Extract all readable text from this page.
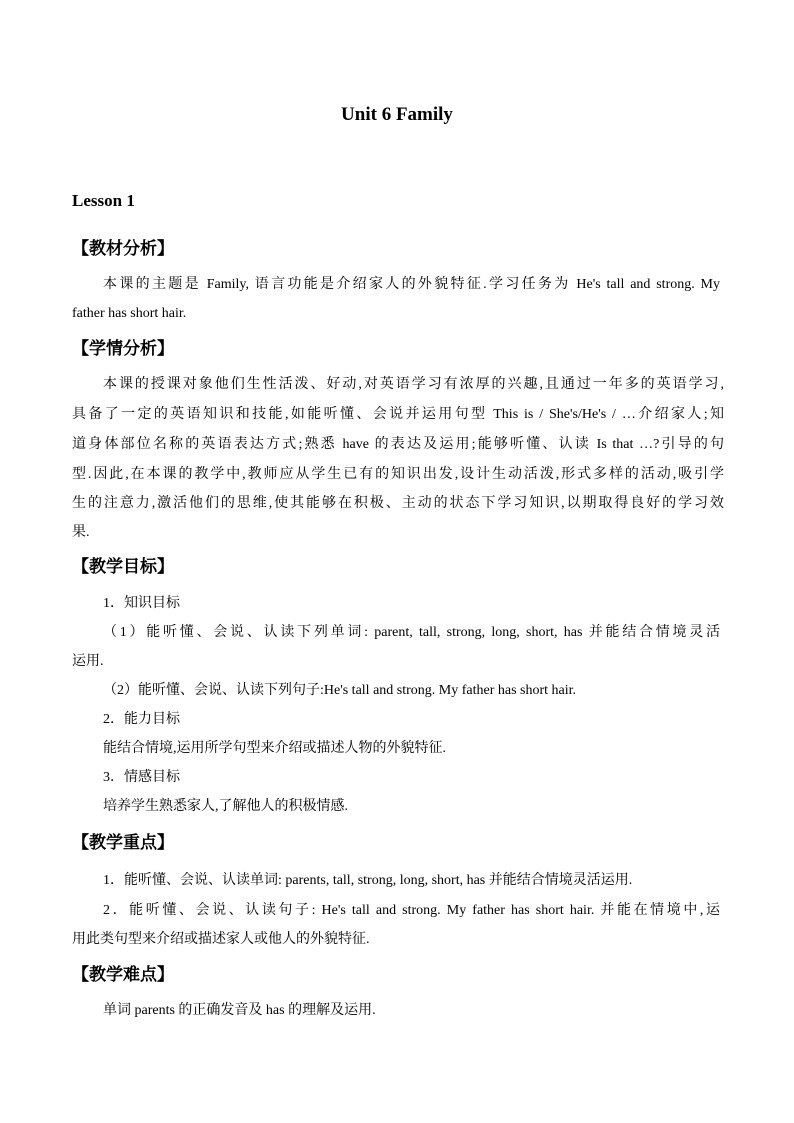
Unit 6 Family
Lesson 1
【教材分析】
本课的主题是 Family, 语言功能是介绍家人的外貌特征.学习任务为 He's tall and strong. My
father has short hair.
【学情分析】
本课的授课对象他们生性活泼、好动,对英语学习有浓厚的兴趣,且通过一年多的英语学习,
具备了一定的英语知识和技能,如能听懂、会说并运用句型 This is / She's/He's / …介绍家人;知
道身体部位名称的英语表达方式;熟悉 have 的表达及运用;能够听懂、认读 Is that …?引导的句
型.因此,在本课的教学中,教师应从学生已有的知识出发,设计生动活泼,形式多样的活动,吸引学
生的注意力,激活他们的思维,使其能够在积极、主动的状态下学习知识,以期取得良好的学习效
果.
【教学目标】
1．知识目标
（1）能听懂、会说、认读下列单词: parent, tall, strong, long, short, has 并能结合情境灵活
运用.
（2）能听懂、会说、认读下列句子:He's tall and strong. My father has short hair.
2．能力目标
能结合情境,运用所学句型来介绍或描述人物的外貌特征.
3．情感目标
培养学生熟悉家人,了解他人的积极情感.
【教学重点】
1．能听懂、会说、认读单词: parents, tall, strong, long, short, has 并能结合情境灵活运用.
2．能听懂、会说、认读句子: He's tall and strong. My father has short hair. 并能在情境中,运
用此类句型来介绍或描述家人或他人的外貌特征.
【教学难点】
单词 parents 的正确发音及 has 的理解及运用.
